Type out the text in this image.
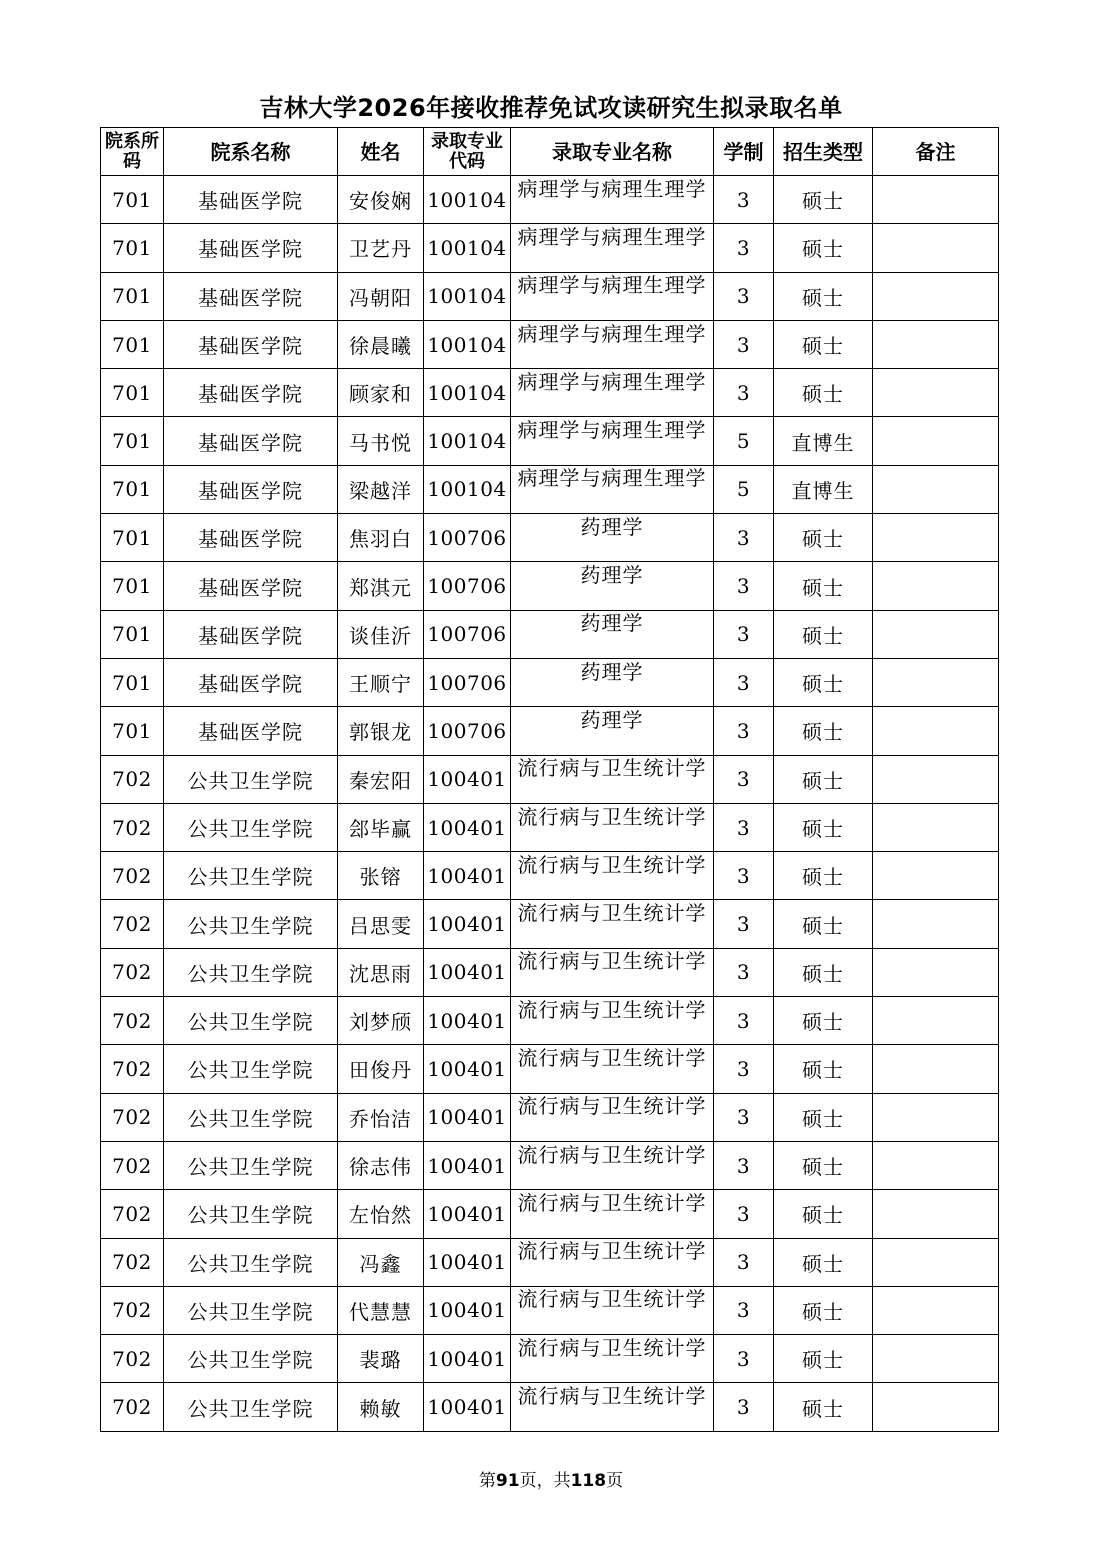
吉林大学2026年接收推荐免试攻读研究生拟录取名单
院系所码	院系名称	姓名	录取专业代码	录取专业名称	学制	招生类型	备注
701	基础医学院	安俊娴	100104	病理学与病理生理学	3	硕士	
701	基础医学院	卫艺丹	100104	病理学与病理生理学	3	硕士	
701	基础医学院	冯朝阳	100104	病理学与病理生理学	3	硕士	
701	基础医学院	徐晨曦	100104	病理学与病理生理学	3	硕士	
701	基础医学院	顾家和	100104	病理学与病理生理学	3	硕士	
701	基础医学院	马书悦	100104	病理学与病理生理学	5	直博生	
701	基础医学院	梁越洋	100104	病理学与病理生理学	5	直博生	
701	基础医学院	焦羽白	100706	药理学	3	硕士	
701	基础医学院	郑淇元	100706	药理学	3	硕士	
701	基础医学院	谈佳沂	100706	药理学	3	硕士	
701	基础医学院	王顺宁	100706	药理学	3	硕士	
701	基础医学院	郭银龙	100706	药理学	3	硕士	
702	公共卫生学院	秦宏阳	100401	流行病与卫生统计学	3	硕士	
702	公共卫生学院	郐毕赢	100401	流行病与卫生统计学	3	硕士	
702	公共卫生学院	张镕	100401	流行病与卫生统计学	3	硕士	
702	公共卫生学院	吕思雯	100401	流行病与卫生统计学	3	硕士	
702	公共卫生学院	沈思雨	100401	流行病与卫生统计学	3	硕士	
702	公共卫生学院	刘梦颀	100401	流行病与卫生统计学	3	硕士	
702	公共卫生学院	田俊丹	100401	流行病与卫生统计学	3	硕士	
702	公共卫生学院	乔怡洁	100401	流行病与卫生统计学	3	硕士	
702	公共卫生学院	徐志伟	100401	流行病与卫生统计学	3	硕士	
702	公共卫生学院	左怡然	100401	流行病与卫生统计学	3	硕士	
702	公共卫生学院	冯鑫	100401	流行病与卫生统计学	3	硕士	
702	公共卫生学院	代慧慧	100401	流行病与卫生统计学	3	硕士	
702	公共卫生学院	裴璐	100401	流行病与卫生统计学	3	硕士	
702	公共卫生学院	赖敏	100401	流行病与卫生统计学	3	硕士	
第91页，共118页
